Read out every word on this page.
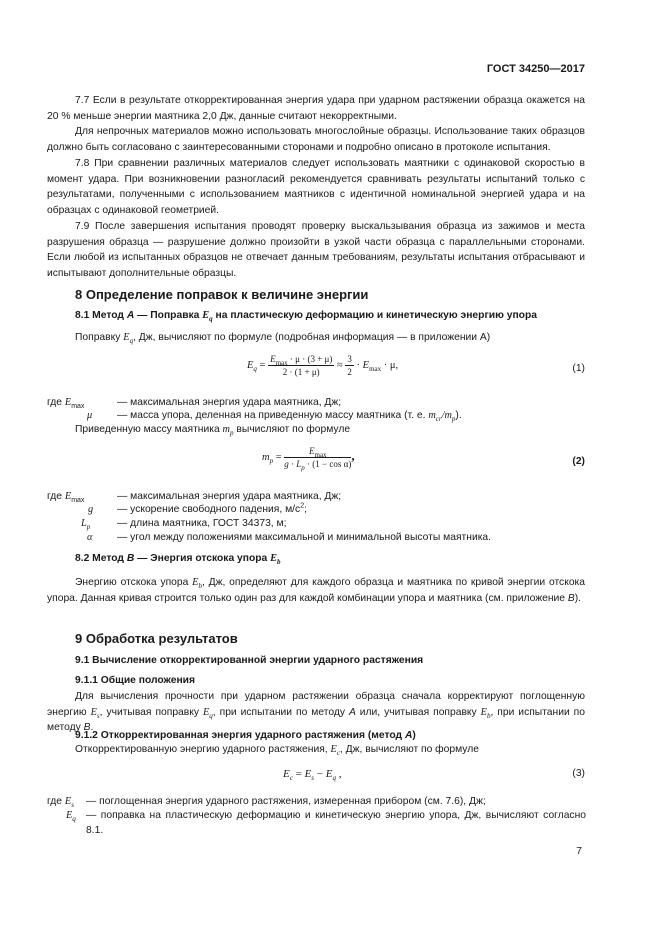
ГОСТ 34250—2017
7.7 Если в результате откорректированная энергия удара при ударном растяжении образца окажется на 20 % меньше энергии маятника 2,0 Дж, данные считают некорректными.
Для непрочных материалов можно использовать многослойные образцы. Использование таких образцов должно быть согласовано с заинтересованными сторонами и подробно описано в протоколе испытания.
7.8 При сравнении различных материалов следует использовать маятники с одинаковой скоростью в момент удара. При возникновении разногласий рекомендуется сравнивать результаты испытаний только с результатами, полученными с использованием маятников с идентичной номинальной энергией удара и на образцах с одинаковой геометрией.
7.9 После завершения испытания проводят проверку выскальзывания образца из зажимов и места разрушения образца — разрушение должно произойти в узкой части образца с параллельными сторонами. Если любой из испытанных образцов не отвечает данным требованиям, результаты испытания отбрасывают и испытывают дополнительные образцы.
8 Определение поправок к величине энергии
8.1 Метод А — Поправка $E_q$ на пластическую деформацию и кинетическую энергию упора
Поправку $E_q$, Дж, вычисляют по формуле (подробная информация — в приложении А)
$E_q = \frac{E_{max} \cdot \mu \cdot (3 + \mu)}{2 \cdot (1 + \mu)} \approx \frac{3}{2} \cdot E_{max} \cdot \mu$,	(1)
где $E_{max}$	— максимальная энергия удара маятника, Дж;
μ — масса упора, деленная на приведенную массу маятника (т. е. $m_{cr}/m_p$).
Приведенную массу маятника $m_p$ вычисляют по формуле
$m_p = \frac{E_{max}}{g \cdot L_p \cdot (1 - \cos \alpha)}$ ,	(2)
где $E_{max}$	— максимальная энергия удара маятника, Дж;
g — ускорение свободного падения, $м/с^2$;
$L_p$	— длина маятника, ГОСТ 34373, м;
α — угол между положениями максимальной и минимальной высоты маятника.
8.2 Метод В — Энергия отскока упора $E_b$
Энергию отскока упора $E_b$, Дж, определяют для каждого образца и маятника по кривой энергии отскока упора. Данная кривая строится только один раз для каждой комбинации упора и маятника (см. приложение В).
9 Обработка результатов
9.1 Вычисление откорректированной энергии ударного растяжения
9.1.1 Общие положения
Для вычисления прочности при ударном растяжении образца сначала корректируют поглощенную энергию $E_s$, учитывая поправку $E_q$, при испытании по методу А или, учитывая поправку $E_b$, при испытании по методу В.
9.1.2 Откорректированная энергия ударного растяжения (метод А)
Откорректированную энергию ударного растяжения, $E_c$, Дж, вычисляют по формуле
$E_c = E_s - E_q$ ,	(3)
где $E_s$ — поглощенная энергия ударного растяжения, измеренная прибором (см. 7.6), Дж;
$E_q$ — поправка на пластическую деформацию и кинетическую энергию упора, Дж, вычисляют согласно 8.1.
7
